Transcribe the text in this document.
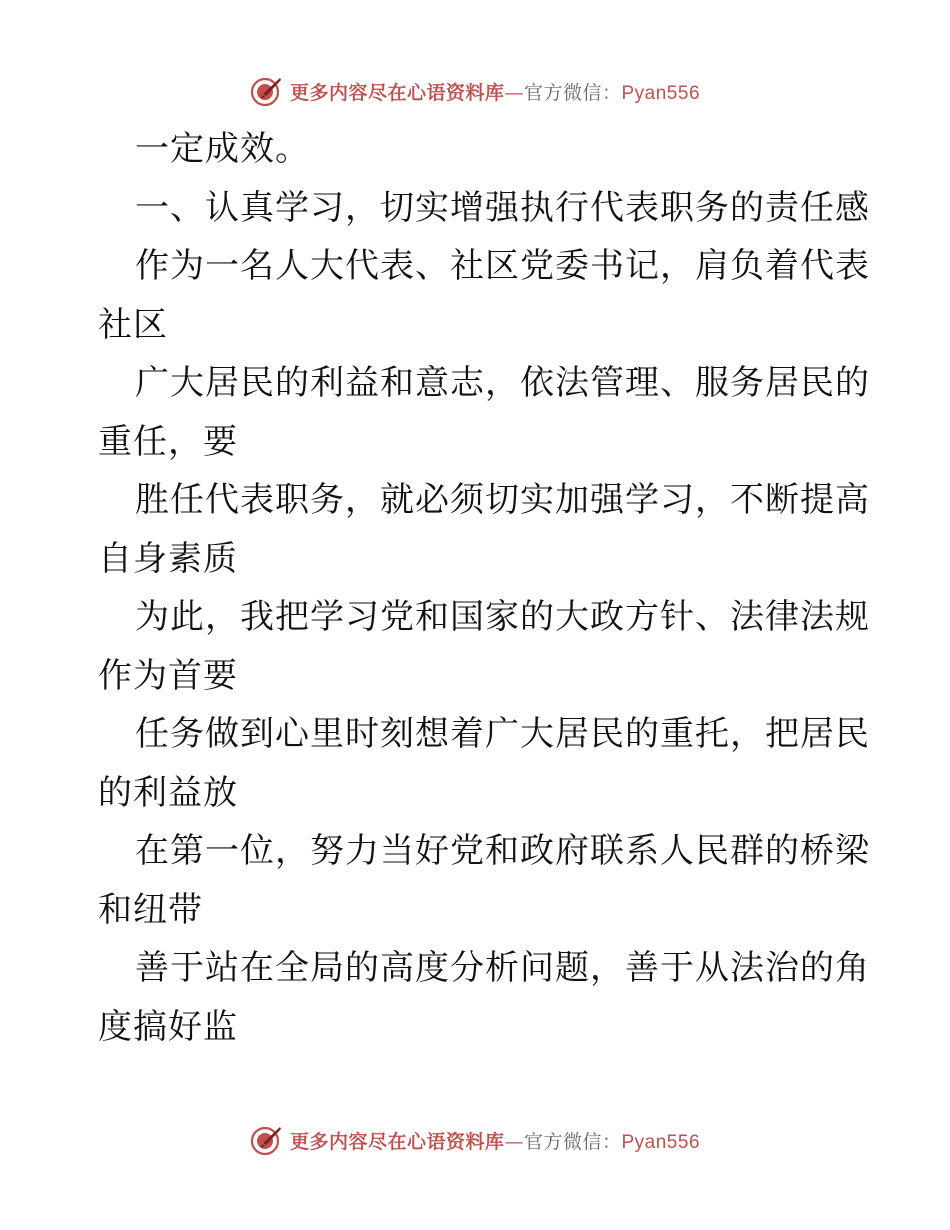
更多内容尽在心语资料库—官方微信：Pyan556
一定成效。
一、认真学习，切实增强执行代表职务的责任感
作为一名人大代表、社区党委书记，肩负着代表
社区
广大居民的利益和意志，依法管理、服务居民的
重任，要
胜任代表职务，就必须切实加强学习，不断提高
自身素质
为此，我把学习党和国家的大政方针、法律法规
作为首要
任务做到心里时刻想着广大居民的重托，把居民
的利益放
在第一位，努力当好党和政府联系人民群的桥梁
和纽带
善于站在全局的高度分析问题，善于从法治的角
度搞好监
更多内容尽在心语资料库—官方微信：Pyan556
